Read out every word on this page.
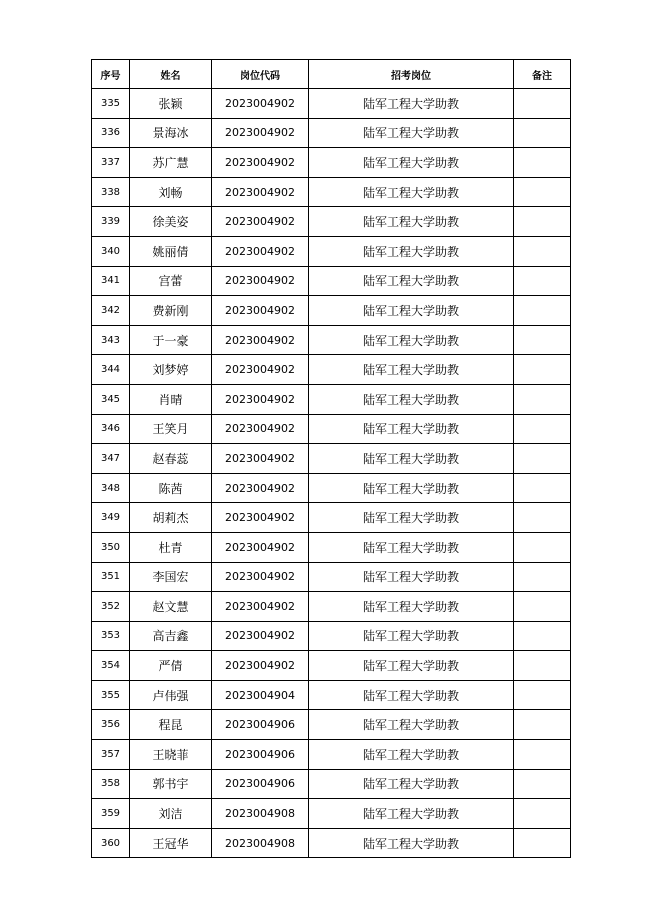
序号	姓名	岗位代码	招考岗位	备注
335	张颖	2023004902	陆军工程大学助教	
336	景海冰	2023004902	陆军工程大学助教	
337	苏广慧	2023004902	陆军工程大学助教	
338	刘畅	2023004902	陆军工程大学助教	
339	徐美姿	2023004902	陆军工程大学助教	
340	姚丽倩	2023004902	陆军工程大学助教	
341	宫蕾	2023004902	陆军工程大学助教	
342	费新刚	2023004902	陆军工程大学助教	
343	于一豪	2023004902	陆军工程大学助教	
344	刘梦婷	2023004902	陆军工程大学助教	
345	肖晴	2023004902	陆军工程大学助教	
346	王笑月	2023004902	陆军工程大学助教	
347	赵春蕊	2023004902	陆军工程大学助教	
348	陈茜	2023004902	陆军工程大学助教	
349	胡莉杰	2023004902	陆军工程大学助教	
350	杜青	2023004902	陆军工程大学助教	
351	李国宏	2023004902	陆军工程大学助教	
352	赵文慧	2023004902	陆军工程大学助教	
353	高吉鑫	2023004902	陆军工程大学助教	
354	严倩	2023004902	陆军工程大学助教	
355	卢伟强	2023004904	陆军工程大学助教	
356	程昆	2023004906	陆军工程大学助教	
357	王晓菲	2023004906	陆军工程大学助教	
358	郭书宇	2023004906	陆军工程大学助教	
359	刘洁	2023004908	陆军工程大学助教	
360	王冠华	2023004908	陆军工程大学助教	
